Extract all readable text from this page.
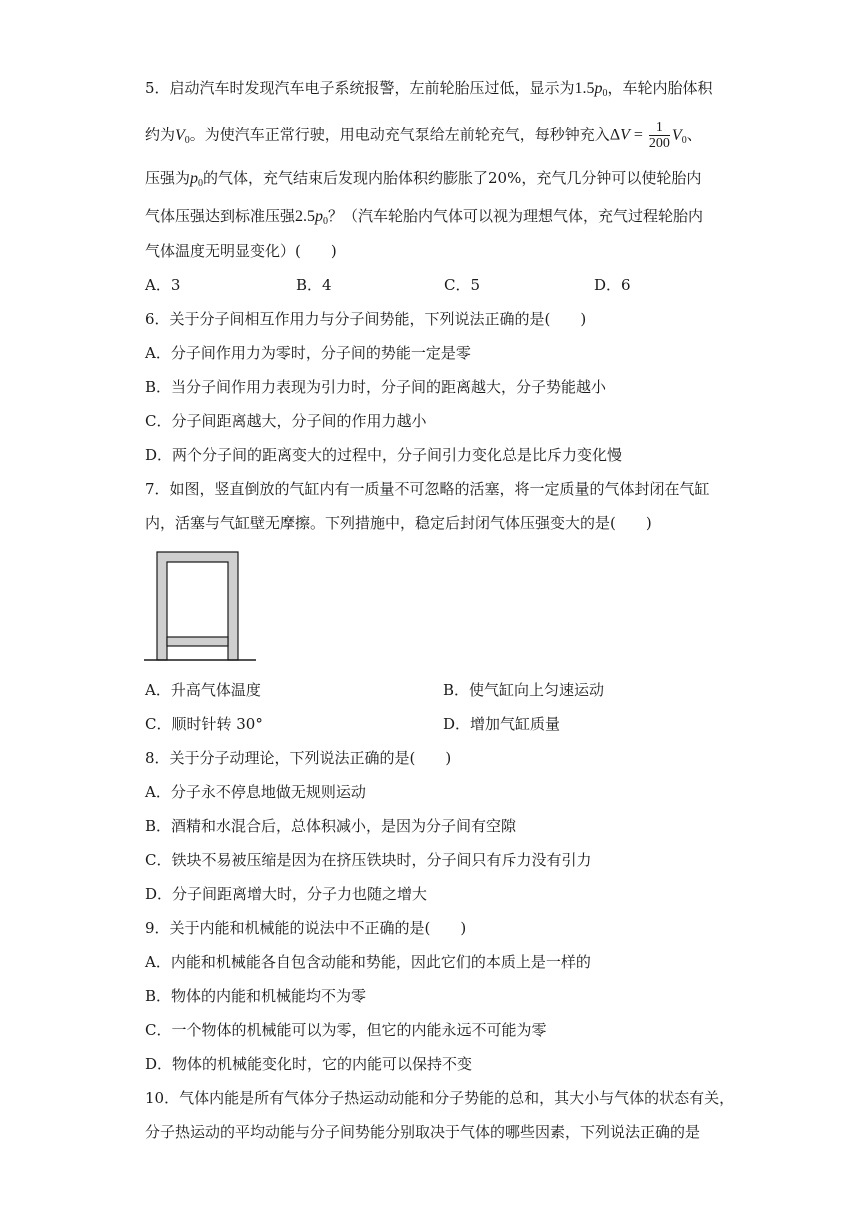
5．启动汽车时发现汽车电子系统报警，左前轮胎压过低，显示为$1.5p_0$，车轮内胎体积
约为$V_0$。为使汽车正常行驶，用电动充气泵给左前轮充气，每秒钟充入$\Delta V = \frac{1}{200} V_0$、
压强为$p_0$的气体，充气结束后发现内胎体积约膨胀了20%，充气几分钟可以使轮胎内
气体压强达到标准压强$2.5p_0$？（汽车轮胎内气体可以视为理想气体，充气过程轮胎内
气体温度无明显变化）(　　)
A．3	B．4	C．5	D．6
6．关于分子间相互作用力与分子间势能，下列说法正确的是(　　)
A．分子间作用力为零时，分子间的势能一定是零
B．当分子间作用力表现为引力时，分子间的距离越大，分子势能越小
C．分子间距离越大，分子间的作用力越小
D．两个分子间的距离变大的过程中，分子间引力变化总是比斥力变化慢
7．如图，竖直倒放的气缸内有一质量不可忽略的活塞，将一定质量的气体封闭在气缸
内，活塞与气缸壁无摩擦。下列措施中，稳定后封闭气体压强变大的是(　　)
A．升高气体温度	B．使气缸向上匀速运动
C．顺时针转 30°	D．增加气缸质量
8．关于分子动理论，下列说法正确的是(　　)
A．分子永不停息地做无规则运动
B．酒精和水混合后，总体积减小，是因为分子间有空隙
C．铁块不易被压缩是因为在挤压铁块时，分子间只有斥力没有引力
D．分子间距离增大时，分子力也随之增大
9．关于内能和机械能的说法中不正确的是(　　)
A．内能和机械能各自包含动能和势能，因此它们的本质上是一样的
B．物体的内能和机械能均不为零
C．一个物体的机械能可以为零，但它的内能永远不可能为零
D．物体的机械能变化时，它的内能可以保持不变
10．气体内能是所有气体分子热运动动能和分子势能的总和，其大小与气体的状态有关，
分子热运动的平均动能与分子间势能分别取决于气体的哪些因素，下列说法正确的是
